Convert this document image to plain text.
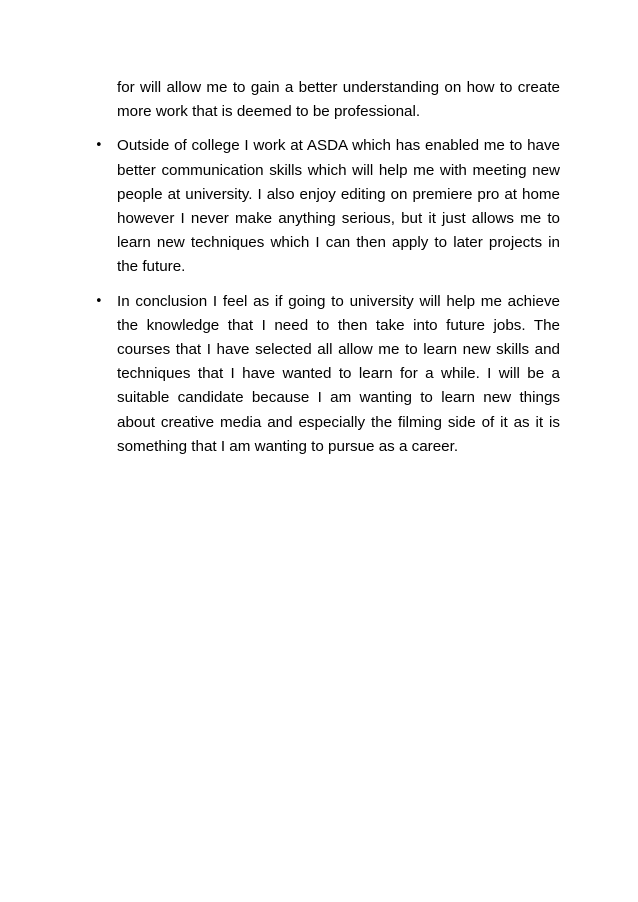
for will allow me to gain a better understanding on how to create more work that is deemed to be professional.

• Outside of college I work at ASDA which has enabled me to have better communication skills which will help me with meeting new people at university. I also enjoy editing on premiere pro at home however I never make anything serious, but it just allows me to learn new techniques which I can then apply to later projects in the future.
• In conclusion I feel as if going to university will help me achieve the knowledge that I need to then take into future jobs. The courses that I have selected all allow me to learn new skills and techniques that I have wanted to learn for a while. I will be a suitable candidate because I am wanting to learn new things about creative media and especially the filming side of it as it is something that I am wanting to pursue as a career.
